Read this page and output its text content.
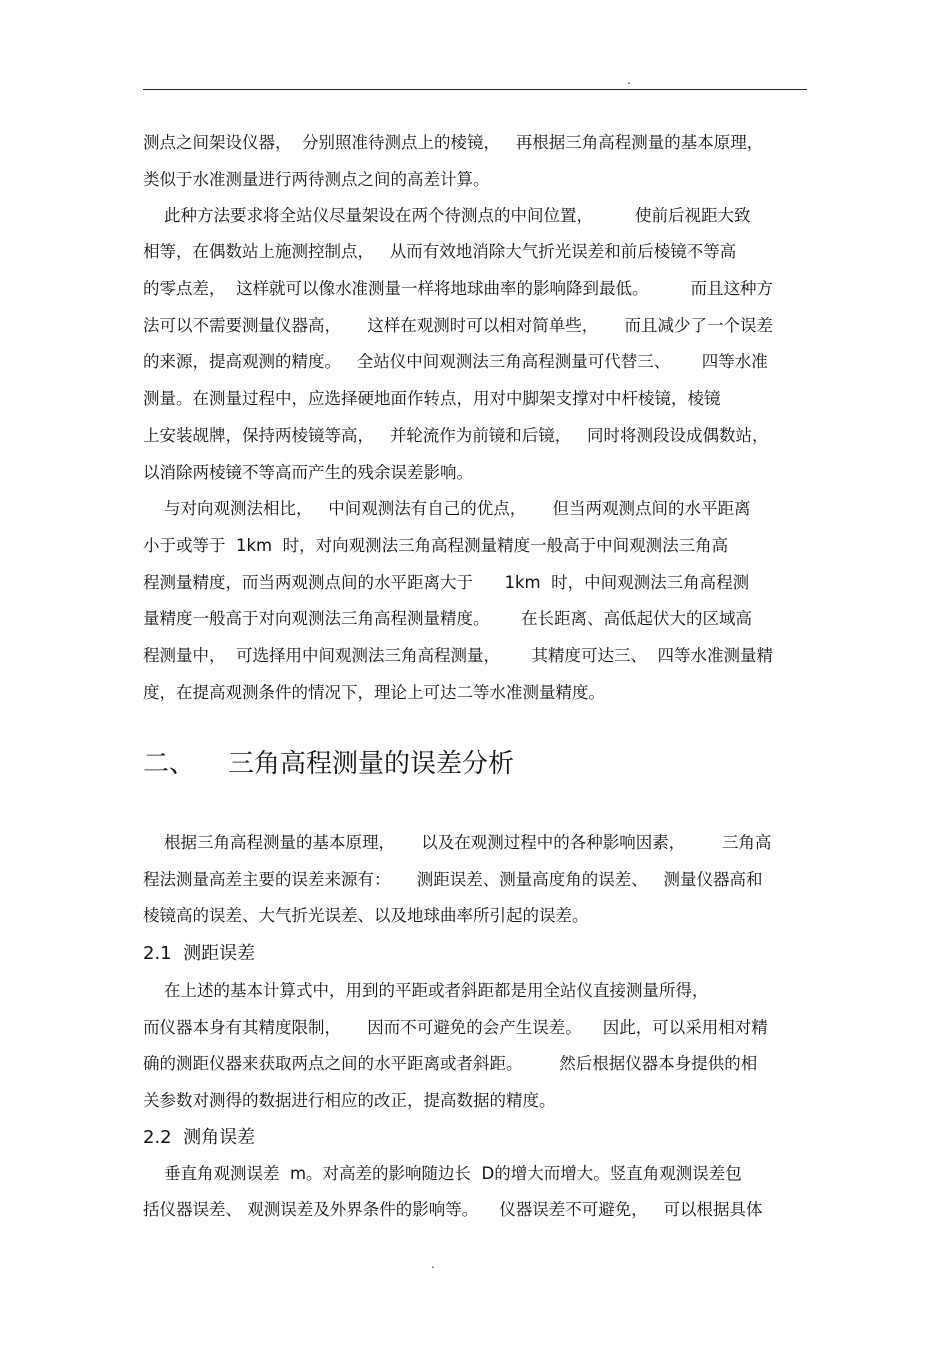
.
测点之间架设仪器，  分别照准待测点上的棱镜，   再根据三角高程测量的基本原理，
类似于水准测量进行两待测点之间的高差计算。
此种方法要求将全站仪尽量架设在两个待测点的中间位置，        使前后视距大致
相等，在偶数站上施测控制点，   从而有效地消除大气折光误差和前后棱镜不等高
的零点差，  这样就可以像水准测量一样将地球曲率的影响降到最低。        而且这种方
法可以不需要测量仪器高，     这样在观测时可以相对简单些，     而且减少了一个误差
的来源，提高观测的精度。   全站仪中间观测法三角高程测量可代替三、      四等水准
测量。在测量过程中，应选择硬地面作转点，用对中脚架支撑对中杆棱镜，棱镜
上安装觇牌，保持两棱镜等高，   并轮流作为前镜和后镜，   同时将测段设成偶数站，
以消除两棱镜不等高而产生的残余误差影响。
与对向观测法相比，   中间观测法有自己的优点，     但当两观测点间的水平距离
小于或等于  1km  时，对向观测法三角高程测量精度一般高于中间观测法三角高
程测量精度，而当两观测点间的水平距离大于      1km  时，中间观测法三角高程测
量精度一般高于对向观测法三角高程测量精度。      在长距离、高低起伏大的区域高
程测量中，  可选择用中间观测法三角高程测量，      其精度可达三、  四等水准测量精
度，在提高观测条件的情况下，理论上可达二等水准测量精度。
二、    三角高程测量的误差分析
根据三角高程测量的基本原理，     以及在观测过程中的各种影响因素，       三角高
程法测量高差主要的误差来源有：     测距误差、测量高度角的误差、   测量仪器高和
棱镜高的误差、大气折光误差、以及地球曲率所引起的误差。
2.1  测距误差
在上述的基本计算式中，用到的平距或者斜距都是用全站仪直接测量所得，
而仪器本身有其精度限制，     因而不可避免的会产生误差。    因此，可以采用相对精
确的测距仪器来获取两点之间的水平距离或者斜距。       然后根据仪器本身提供的相
关参数对测得的数据进行相应的改正，提高数据的精度。
2.2  测角误差
垂直角观测误差  m。对高差的影响随边长  D的增大而增大。竖直角观测误差包
括仪器误差、 观测误差及外界条件的影响等。    仪器误差不可避免，   可以根据具体
.
